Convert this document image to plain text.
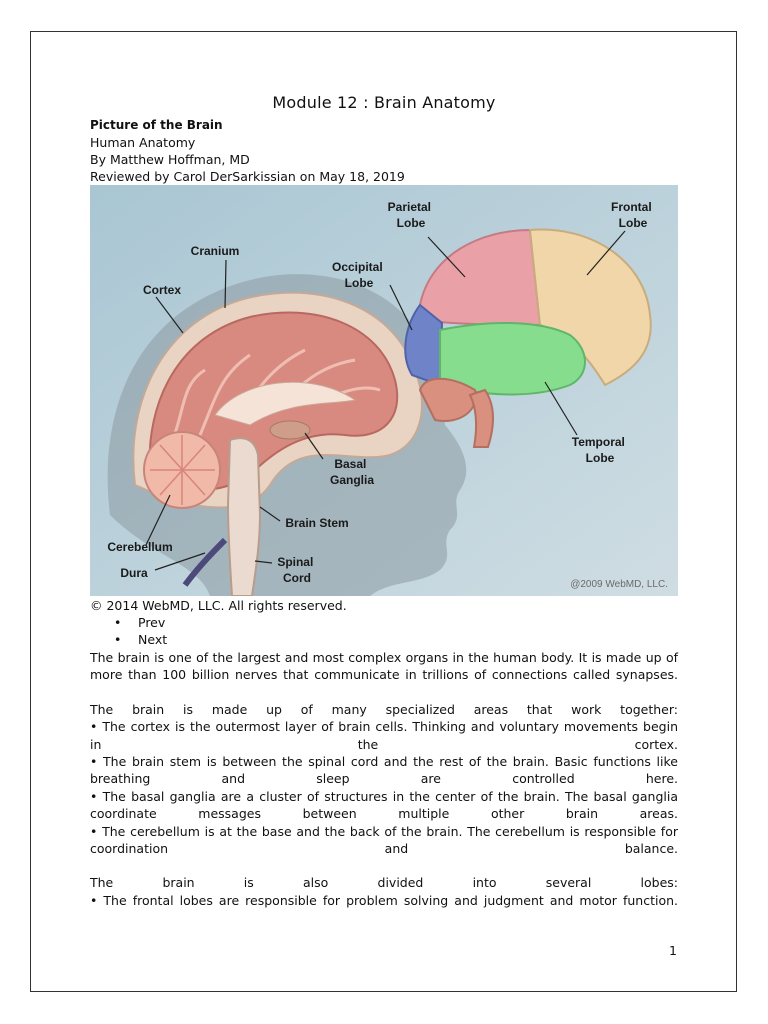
Module 12 : Brain Anatomy
Picture of the Brain
Human Anatomy
By Matthew Hoffman, MD
Reviewed by Carol DerSarkissian on May 18, 2019
Parietal Lobe
Frontal Lobe
Cranium
Occipital Lobe
Cortex
Basal Ganglia
Temporal Lobe
Brain Stem
Cerebellum
Spinal Cord
Dura
@2009 WebMD, LLC.
© 2014 WebMD, LLC. All rights reserved.
• Prev
• Next

The brain is one of the largest and most complex organs in the human body. It is made up of more than 100 billion nerves that communicate in trillions of connections called synapses.

The brain is made up of many specialized areas that work together:

• The cortex is the outermost layer of brain cells. Thinking and voluntary movements begin in the cortex.

• The brain stem is between the spinal cord and the rest of the brain. Basic functions like breathing and sleep are controlled here.

• The basal ganglia are a cluster of structures in the center of the brain. The basal ganglia coordinate messages between multiple other brain areas.

• The cerebellum is at the base and the back of the brain. The cerebellum is responsible for coordination and balance.

The brain is also divided into several lobes:

• The frontal lobes are responsible for problem solving and judgment and motor function.

1
